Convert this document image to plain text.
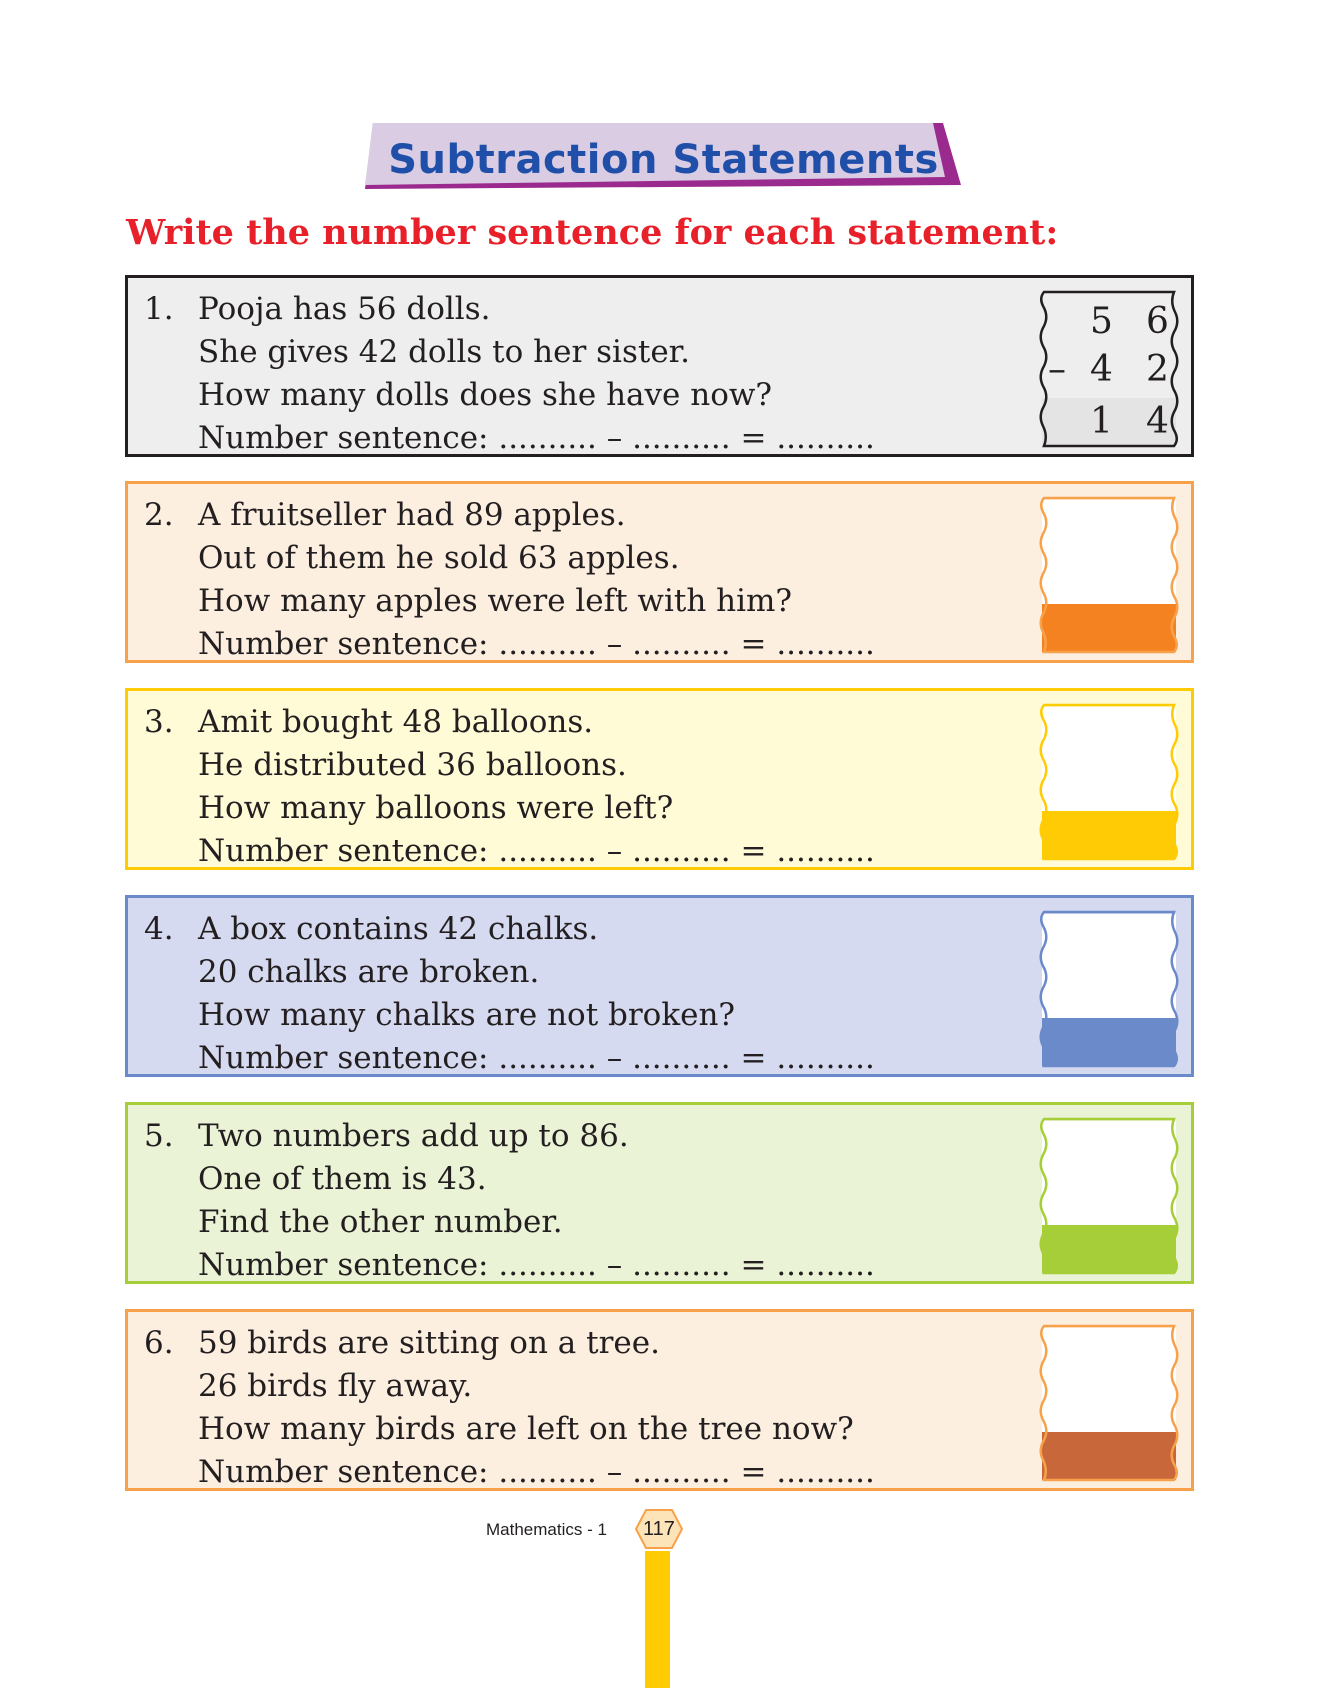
Subtraction Statements
Write the number sentence for each statement:
1. Pooja has 56 dolls.
She gives 42 dolls to her sister.
How many dolls does she have now?
Number sentence: .......... – .......... = ..........
5 6
– 4 2
1 4
2. A fruitseller had 89 apples.
Out of them he sold 63 apples.
How many apples were left with him?
Number sentence: .......... – .......... = ..........
3. Amit bought 48 balloons.
He distributed 36 balloons.
How many balloons were left?
Number sentence: .......... – .......... = ..........
4. A box contains 42 chalks.
20 chalks are broken.
How many chalks are not broken?
Number sentence: .......... – .......... = ..........
5. Two numbers add up to 86.
One of them is 43.
Find the other number.
Number sentence: .......... – .......... = ..........
6. 59 birds are sitting on a tree.
26 birds fly away.
How many birds are left on the tree now?
Number sentence: .......... – .......... = ..........
Mathematics - 1	117
